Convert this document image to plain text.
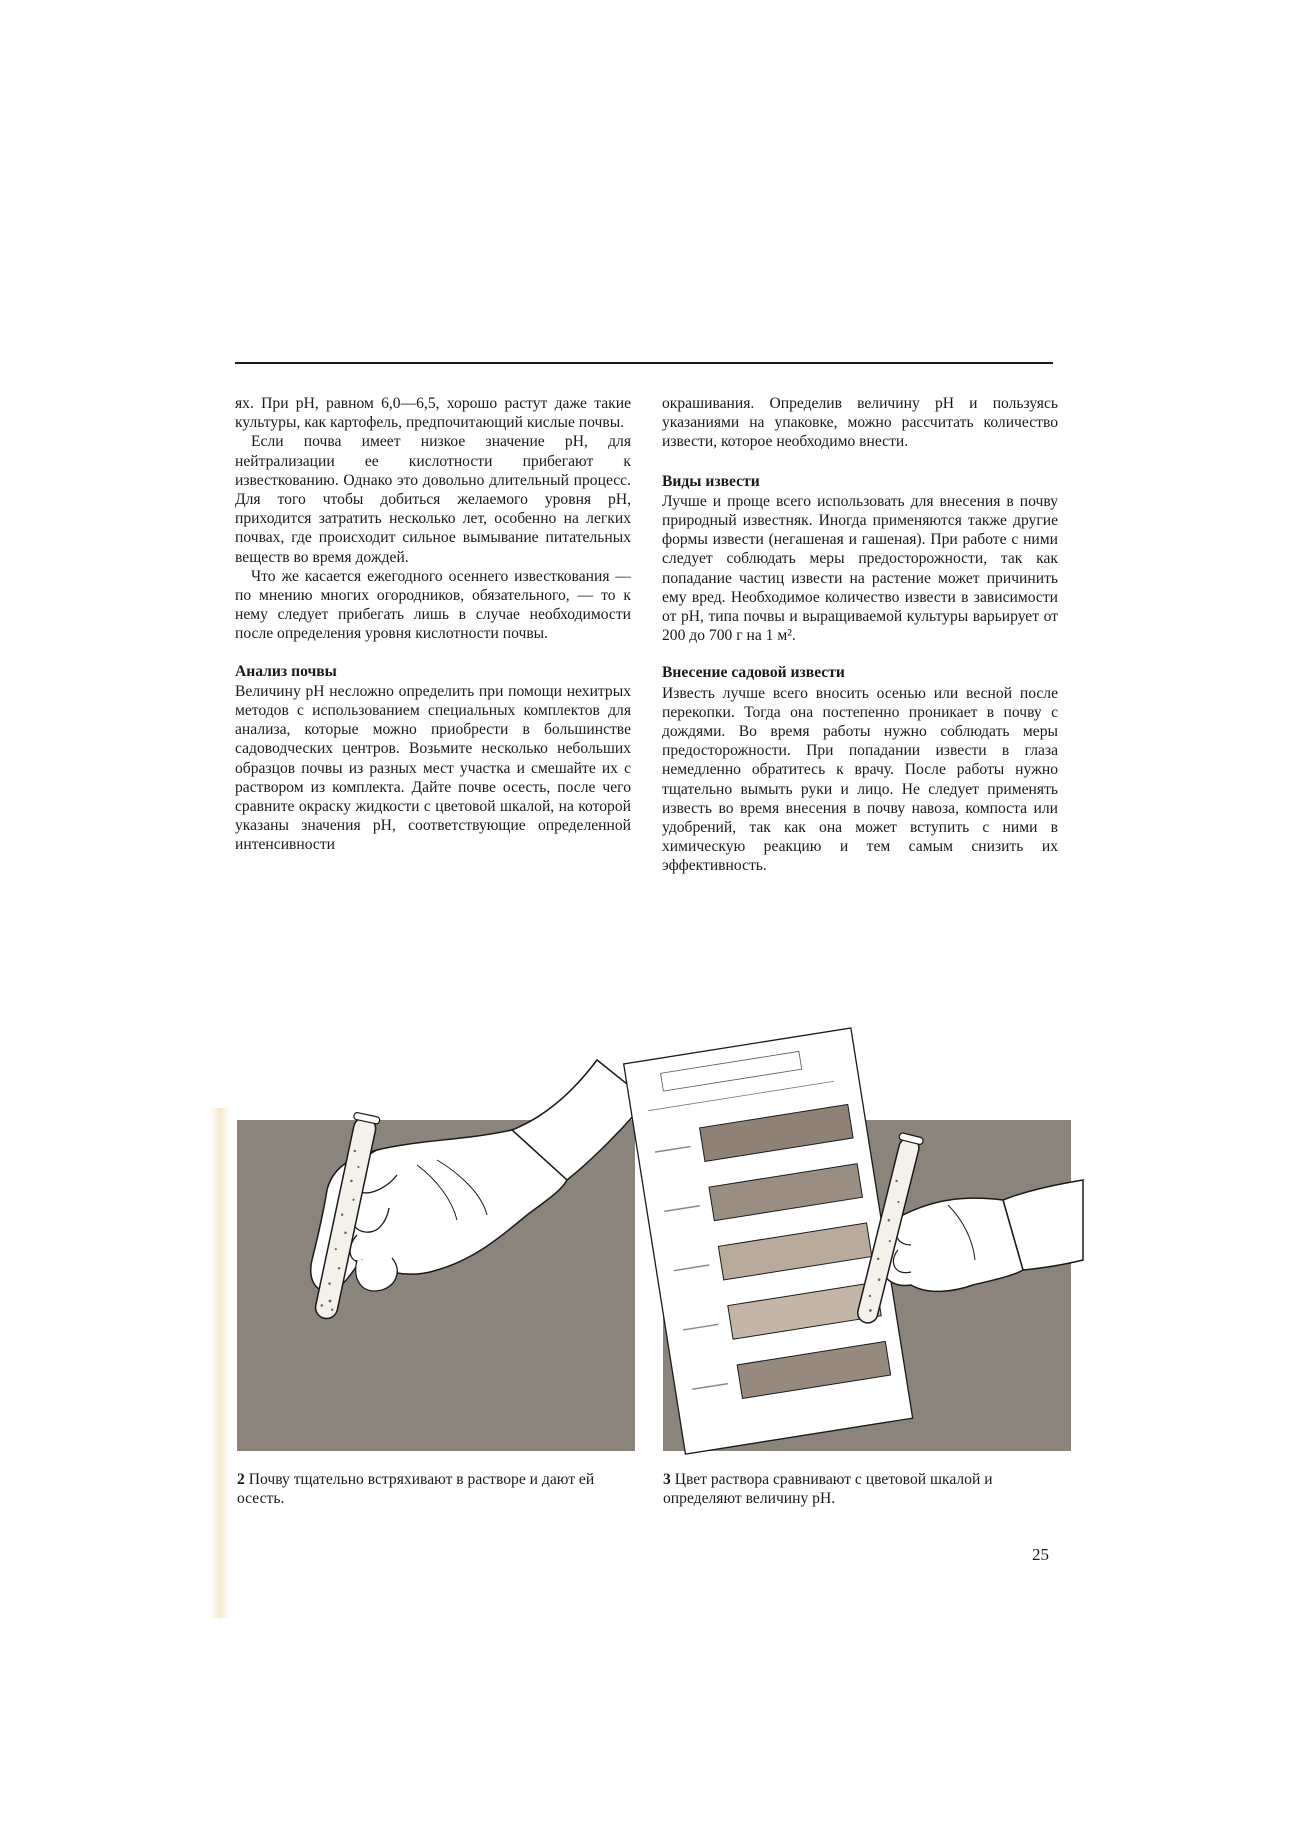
ях. При pH, равном 6,0—6,5, хорошо растут даже такие культуры, как картофель, предпочитающий кислые почвы.

Если почва имеет низкое значение pH, для нейтрализации ее кислотности прибегают к известкованию. Однако это довольно длительный процесс. Для того чтобы добиться желаемого уровня pH, приходится затратить несколько лет, особенно на легких почвах, где происходит сильное вымывание питательных веществ во время дождей.

Что же касается ежегодного осеннего известкования — по мнению многих огородников, обязательного, — то к нему следует прибегать лишь в случае необходимости после определения уровня кислотности почвы.

Анализ почвы

Величину pH несложно определить при помощи нехитрых методов с использованием специальных комплектов для анализа, которые можно приобрести в большинстве садоводческих центров. Возьмите несколько небольших образцов почвы из разных мест участка и смешайте их с раствором из комплекта. Дайте почве осесть, после чего сравните окраску жидкости с цветовой шкалой, на которой указаны значения pH, соответствующие определенной интенсивности

окрашивания. Определив величину pH и пользуясь указаниями на упаковке, можно рассчитать количество извести, которое необходимо внести.

Виды извести

Лучше и проще всего использовать для внесения в почву природный известняк. Иногда применяются также другие формы извести (негашеная и гашеная). При работе с ними следует соблюдать меры предосторожности, так как попадание частиц извести на растение может причинить ему вред. Необходимое количество извести в зависимости от pH, типа почвы и выращиваемой культуры варьирует от 200 до 700 г на 1 м².

Внесение садовой извести

Известь лучше всего вносить осенью или весной после перекопки. Тогда она постепенно проникает в почву с дождями. Во время работы нужно соблюдать меры предосторожности. При попадании извести в глаза немедленно обратитесь к врачу. После работы нужно тщательно вымыть руки и лицо. Не следует применять известь во время внесения в почву навоза, компоста или удобрений, так как она может вступить с ними в химическую реакцию и тем самым снизить их эффективность.

2 Почву тщательно встряхивают в растворе и дают ей осесть.
3 Цвет раствора сравнивают с цветовой шкалой и определяют величину pH.
25
